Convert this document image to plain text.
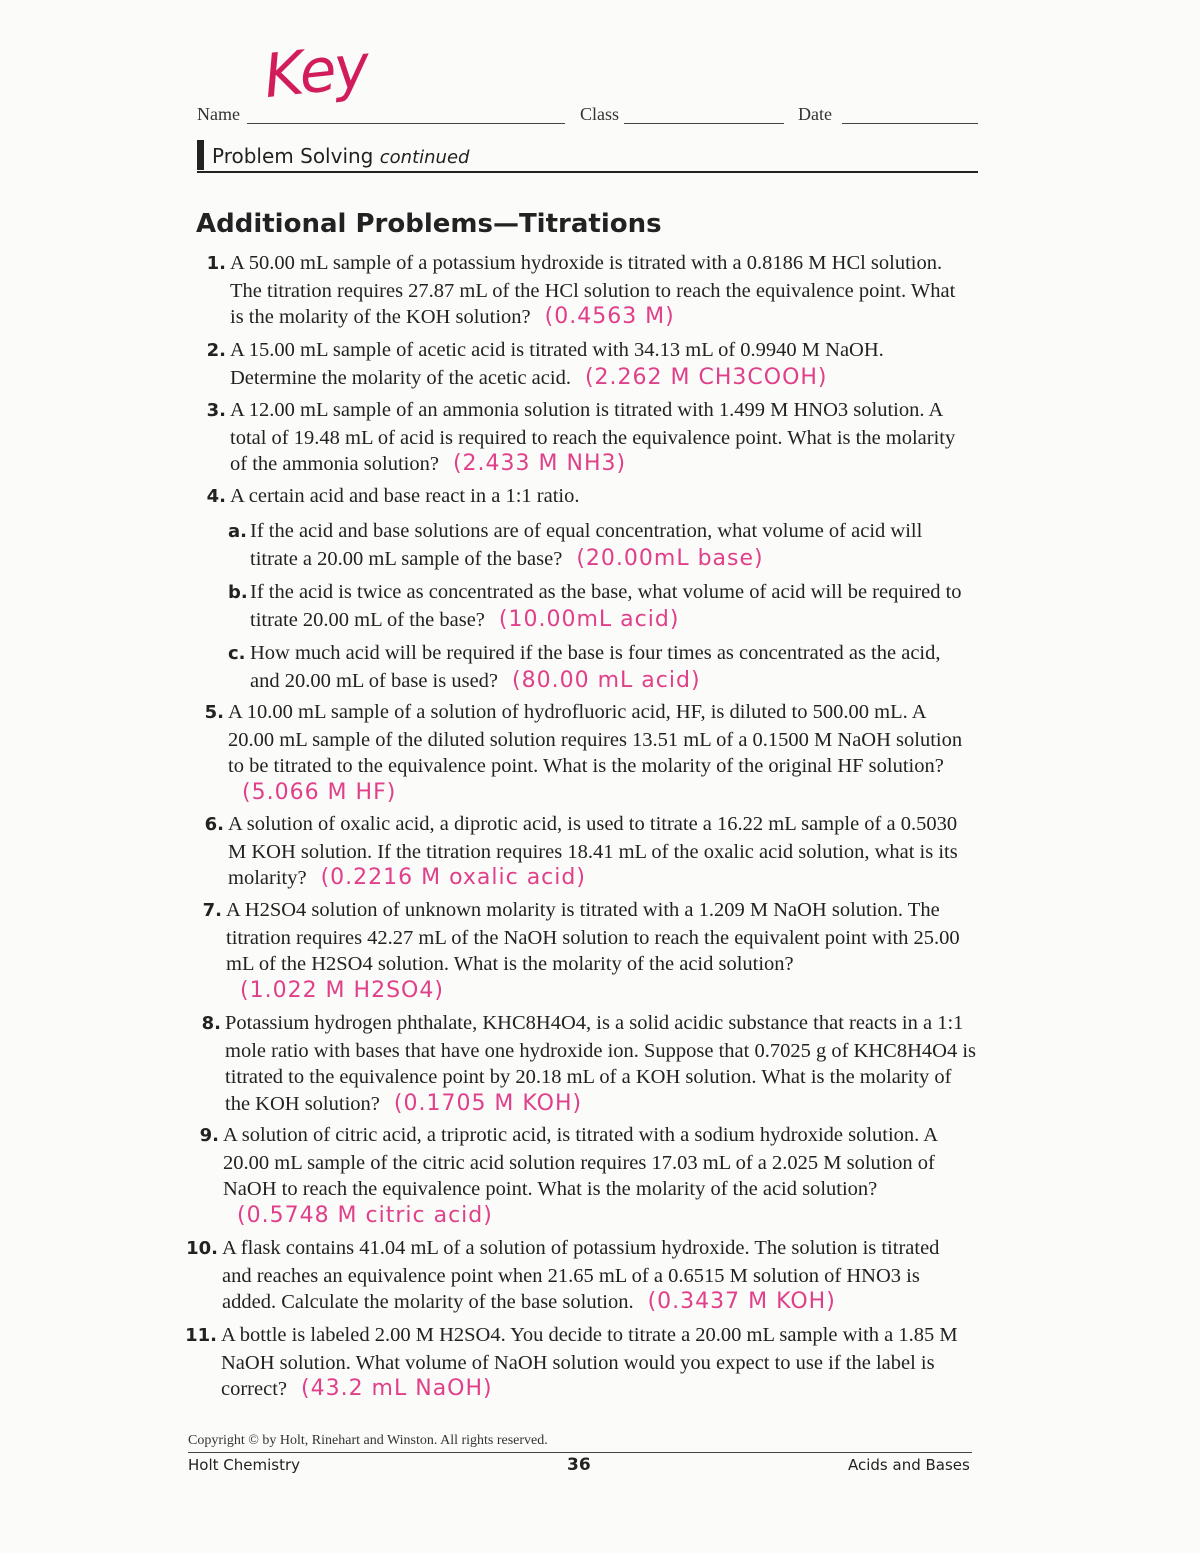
Name
Key
Class	Date
Problem Solving continued
Additional Problems—Titrations
1. A 50.00 mL sample of a potassium hydroxide is titrated with a 0.8186 M HCl solution. The titration requires 27.87 mL of the HCl solution to reach the equivalence point. What is the molarity of the KOH solution? (0.4563 M)
2. A 15.00 mL sample of acetic acid is titrated with 34.13 mL of 0.9940 M NaOH. Determine the molarity of the acetic acid. (2.262 M CH3COOH)
3. A 12.00 mL sample of an ammonia solution is titrated with 1.499 M HNO3 solution. A total of 19.48 mL of acid is required to reach the equivalence point. What is the molarity of the ammonia solution? (2.433 M NH3)
4. A certain acid and base react in a 1:1 ratio.
a. If the acid and base solutions are of equal concentration, what volume of acid will titrate a 20.00 mL sample of the base? (20.00mL base)
b. If the acid is twice as concentrated as the base, what volume of acid will be required to titrate 20.00 mL of the base? (10.00mL acid)
c. How much acid will be required if the base is four times as concentrated as the acid, and 20.00 mL of base is used? (80.00 mL acid)
5. A 10.00 mL sample of a solution of hydrofluoric acid, HF, is diluted to 500.00 mL. A 20.00 mL sample of the diluted solution requires 13.51 mL of a 0.1500 M NaOH solution to be titrated to the equivalence point. What is the molarity of the original HF solution?(5.066 M HF)
6. A solution of oxalic acid, a diprotic acid, is used to titrate a 16.22 mL sample of a 0.5030 M KOH solution. If the titration requires 18.41 mL of the oxalic acid solution, what is its molarity? (0.2216 M oxalic acid)
7. A H2SO4 solution of unknown molarity is titrated with a 1.209 M NaOH solution. The titration requires 42.27 mL of the NaOH solution to reach the equivalent point with 25.00 mL of the H2SO4 solution. What is the molarity of the acid solution?(1.022 M H2SO4)
8. Potassium hydrogen phthalate, KHC8H4O4, is a solid acidic substance that reacts in a 1:1 mole ratio with bases that have one hydroxide ion. Suppose that 0.7025 g of KHC8H4O4 is titrated to the equivalence point by 20.18 mL of a KOH solution. What is the molarity of the KOH solution? (0.1705 M KOH)
9. A solution of citric acid, a triprotic acid, is titrated with a sodium hydroxide solution. A 20.00 mL sample of the citric acid solution requires 17.03 mL of a 2.025 M solution of NaOH to reach the equivalence point. What is the molarity of the acid solution?(0.5748 M citric acid)
10. A flask contains 41.04 mL of a solution of potassium hydroxide. The solution is titrated and reaches an equivalence point when 21.65 mL of a 0.6515 M solution of HNO3 is added. Calculate the molarity of the base solution. (0.3437 M KOH)
11. A bottle is labeled 2.00 M H2SO4. You decide to titrate a 20.00 mL sample with a 1.85 M NaOH solution. What volume of NaOH solution would you expect to use if the label is correct? (43.2 mL NaOH)
Copyright © by Holt, Rinehart and Winston. All rights reserved.
Holt Chemistry	36	Acids and Bases
